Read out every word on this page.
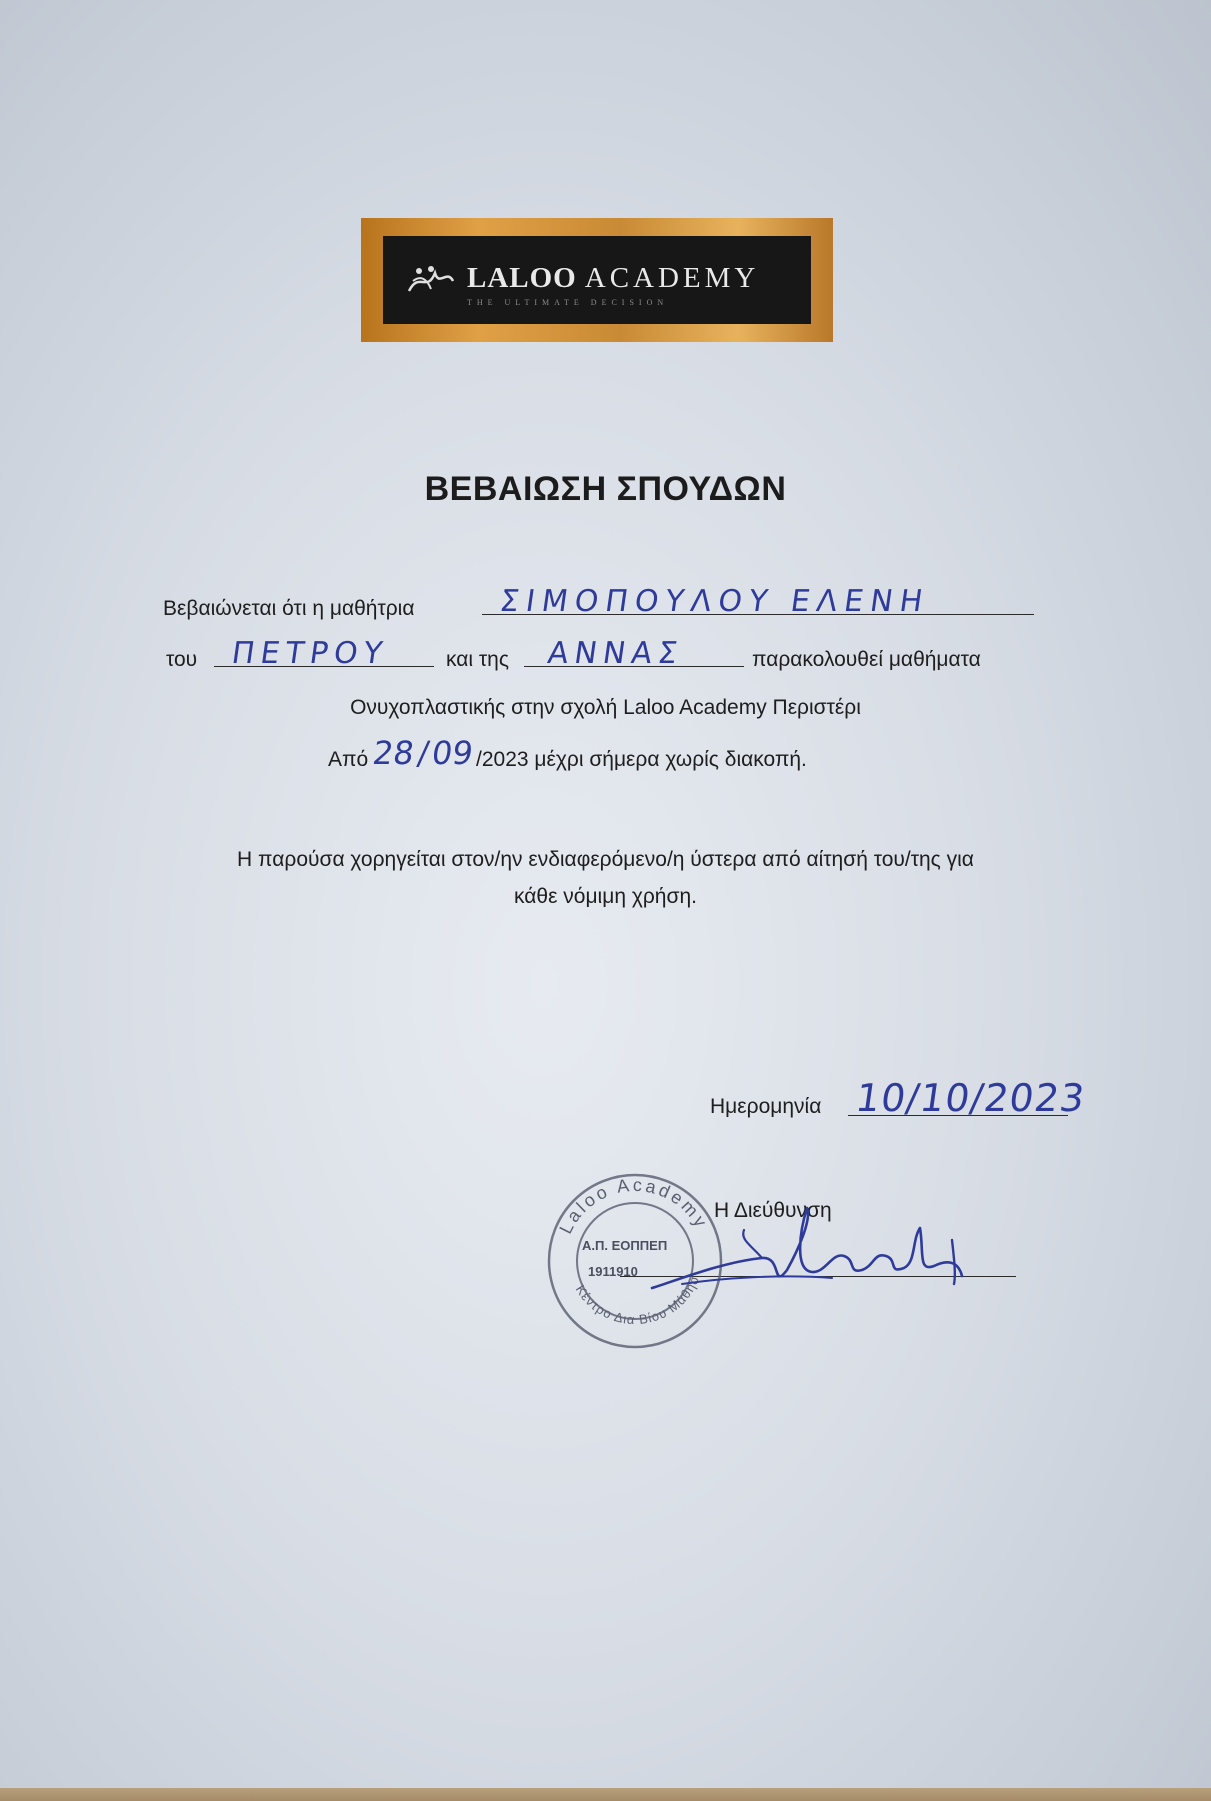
LALOO ACADEMY
THE ULTIMATE DECISION
ΒΕΒΑΙΩΣΗ ΣΠΟΥΔΩΝ
Βεβαιώνεται ότι η μαθήτρια	ΣΙΜΟΠΟΥΛΟΥ ΕΛΕΝΗ
του ΠΕΤΡΟΥ	και της ΑΝΝΑΣ	παρακολουθεί μαθήματα
Ονυχοπλαστικής στην σχολή Laloo Academy Περιστέρι
Από 28
/
09 /2023 μέχρι σήμερα χωρίς διακοπή.
Η παρούσα χορηγείται στον/ην ενδιαφερόμενο/η ύστερα από αίτησή του/της για
κάθε νόμιμη χρήση.
Ημερομηνία 10/10/2023
Η Διεύθυνση
Laloo Academy
Κέντρο Δια Βίου Μάθησ
Α.Π. ΕΟΠΠΕΠ
1911910
